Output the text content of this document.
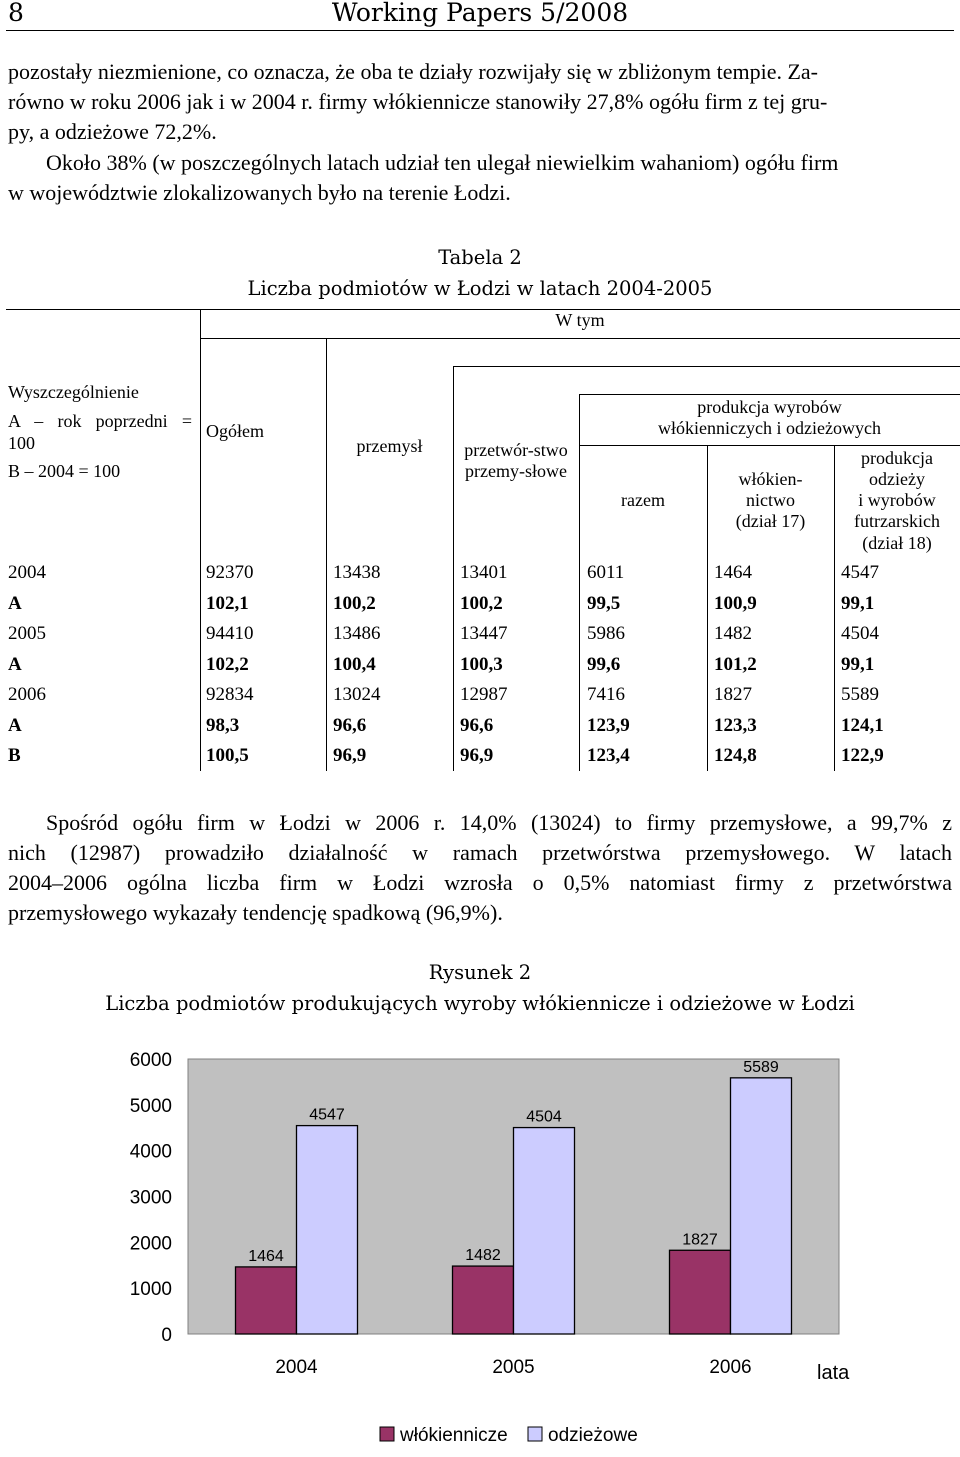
8	Working Papers 5/2008
pozostały niezmienione, co oznacza, że oba te działy rozwijały się w zbliżonym tempie. Za-
równo w roku 2006 jak i w 2004 r. firmy włókiennicze stanowiły 27,8% ogółu firm z tej gru-
py, a odzieżowe 72,2%.
Około 38% (w poszczególnych latach udział ten ulegał niewielkim wahaniom) ogółu firm
w województwie zlokalizowanych było na terenie Łodzi.
Tabela 2
Liczba podmiotów w Łodzi w latach 2004-2005
W tym
Wyszczególnienie
A – rok poprzedni =
100
B – 2004 = 100
Ogółem
przemysł	przetwór-stwo
przemy-słowe
produkcja wyrobów
włókienniczych i odzieżowych
razem
włókien-
nictwo
(dział 17)
produkcja
odzieży
i wyrobów
futrzarskich
(dział 18)
2004	92370	13438	13401	6011	1464	4547
A	102,1	100,2	100,2	99,5	100,9	99,1
2005	94410	13486	13447	5986	1482	4504
A	102,2	100,4	100,3	99,6	101,2	99,1
2006	92834	13024	12987	7416	1827	5589
A	98,3	96,6	96,6	123,9	123,3	124,1
B	100,5	96,9	96,9	123,4	124,8	122,9
Spośród ogółu firm w Łodzi w 2006 r. 14,0% (13024) to firmy przemysłowe, a 99,7% z
nich (12987) prowadziło działalność w ramach przetwórstwa przemysłowego. W latach
2004–2006 ogólna liczba firm w Łodzi wzrosła o 0,5% natomiast firmy z przetwórstwa
przemysłowego wykazały tendencję spadkową (96,9%).
Rysunek 2
Liczba podmiotów produkujących wyroby włókiennicze i odzieżowe w Łodzi
0
1000
2000
3000
4000
5000
6000
2004
1464
4547
2005
1482
4504
2006
1827
5589
lata
włókiennicze odzieżowe
